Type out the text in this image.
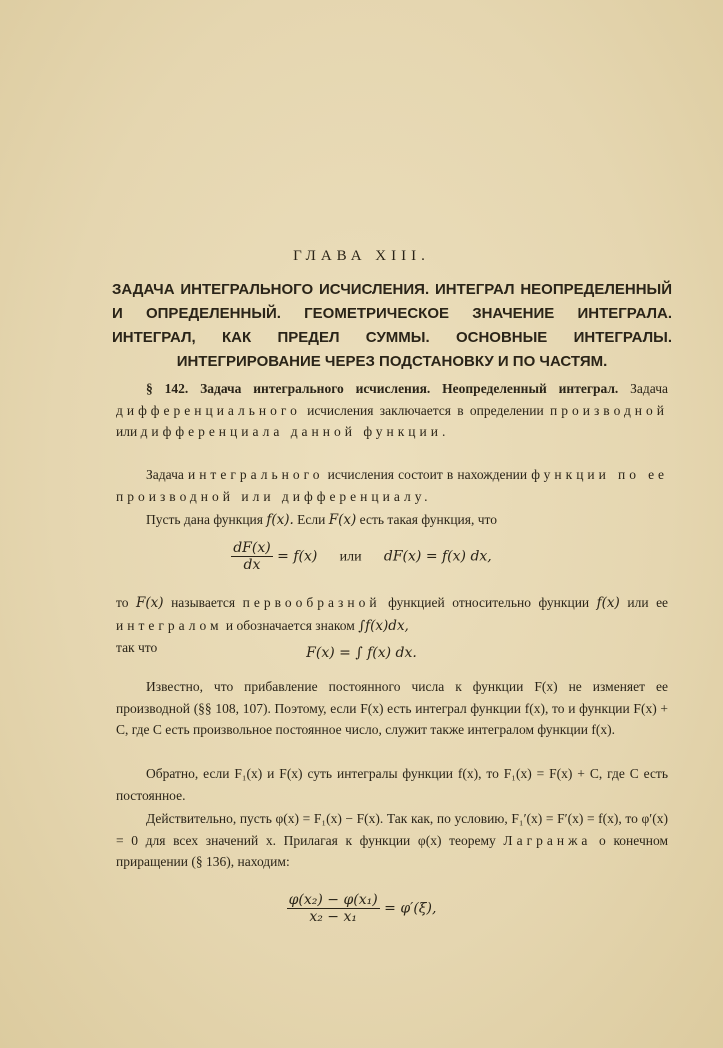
ГЛАВА XIII.
ЗАДАЧА ИНТЕГРАЛЬНОГО ИСЧИСЛЕНИЯ. ИНТЕГРАЛ НЕОПРЕДЕЛЕННЫЙ И ОПРЕДЕЛЕННЫЙ. ГЕОМЕТРИЧЕСКОЕ ЗНАЧЕНИЕ ИНТЕГРАЛА. ИНТЕГРАЛ, КАК ПРЕДЕЛ СУММЫ. ОСНОВНЫЕ ИНТЕГРАЛЫ. ИНТЕГРИРОВАНИЕ ЧЕРЕЗ ПОДСТАНОВКУ И ПО ЧАСТЯМ.
§ 142. Задача интегрального исчисления. Неопределенный интеграл. Задача дифференциального исчисления заключается в определении производной или дифференциала данной функции.
Задача интегрального исчисления состоит в нахождении функции по ее производной или дифференциалу.
Пусть дана функция f(x). Если F(x) есть такая функция, что
$\frac{dF(x)}{dx} = f(x)$ или dF(x) = f(x) dx,
то F(x) называется первообразной функцией относительно функции f(x) или ее интегралом и обозначается знаком ∫f(x)dx,
так что	F(x) = ∫ f(x) dx.
Известно, что прибавление постоянного числа к функции F(x) не изменяет ее производной (§§ 108, 107). Поэтому, если F(x) есть интеграл функции f(x), то и функции F(x) + C, где C есть произвольное постоянное число, служит также интегралом функции f(x).
Обратно, если F₁(x) и F(x) суть интегралы функции f(x), то F₁(x) = F(x) + C, где C есть постоянное.
Действительно, пусть φ(x) = F₁(x) − F(x). Так как, по условию, F₁′(x) = F′(x) = f(x), то φ′(x) = 0 для всех значений x. Прилагая к функции φ(x) теорему Лагранжа о конечном приращении (§ 136), находим:
$\frac{\text{φ(x₂) − φ(x₁)}}{\text{x₂ − x₁}} = \varphi'(\xi)$,
